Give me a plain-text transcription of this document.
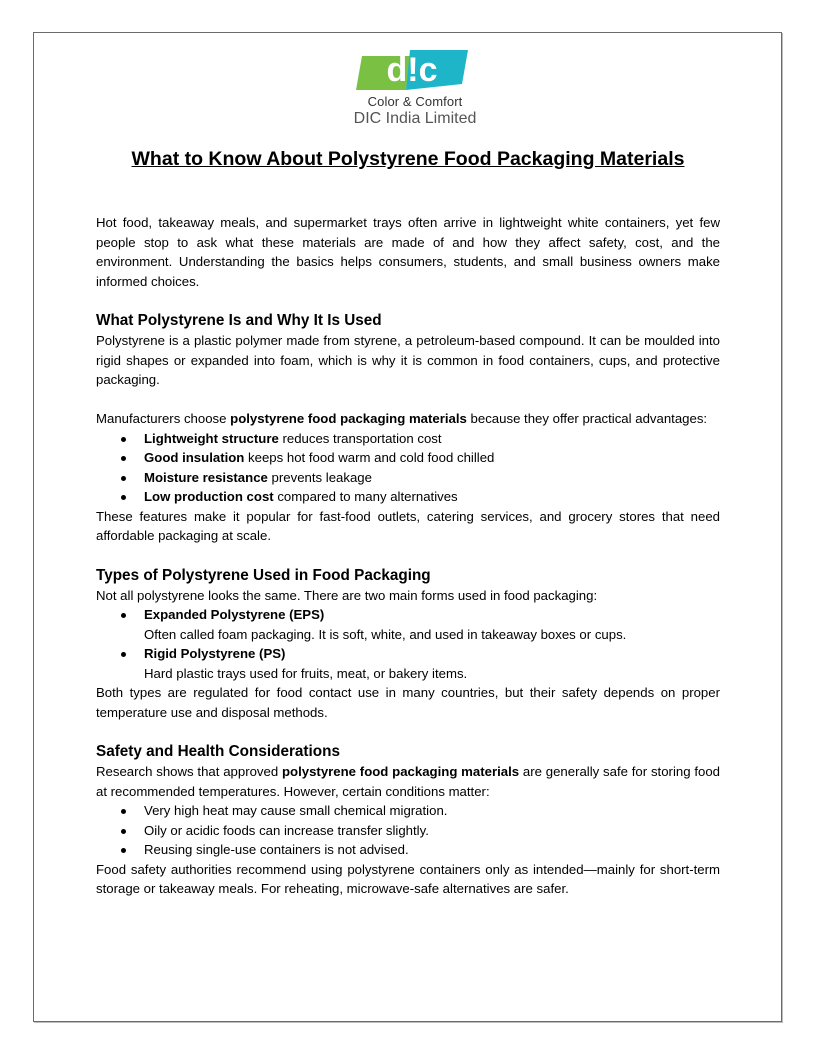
d!c
Color & Comfort
DIC India Limited
What to Know About Polystyrene Food Packaging Materials

Hot food, takeaway meals, and supermarket trays often arrive in lightweight white containers, yet few people stop to ask what these materials are made of and how they affect safety, cost, and the environment. Understanding the basics helps consumers, students, and small business owners make informed choices.

What Polystyrene Is and Why It Is Used

Polystyrene is a plastic polymer made from styrene, a petroleum-based compound. It can be moulded into rigid shapes or expanded into foam, which is why it is common in food containers, cups, and protective packaging.

Manufacturers choose polystyrene food packaging materials because they offer practical advantages:

Lightweight structure reduces transportation cost
Good insulation keeps hot food warm and cold food chilled
Moisture resistance prevents leakage
Low production cost compared to many alternatives

These features make it popular for fast-food outlets, catering services, and grocery stores that need affordable packaging at scale.

Types of Polystyrene Used in Food Packaging

Not all polystyrene looks the same. There are two main forms used in food packaging:

Expanded Polystyrene (EPS)
Often called foam packaging. It is soft, white, and used in takeaway boxes or cups.
Rigid Polystyrene (PS)
Hard plastic trays used for fruits, meat, or bakery items.

Both types are regulated for food contact use in many countries, but their safety depends on proper temperature use and disposal methods.

Safety and Health Considerations

Research shows that approved polystyrene food packaging materials are generally safe for storing food at recommended temperatures. However, certain conditions matter:

Very high heat may cause small chemical migration.
Oily or acidic foods can increase transfer slightly.
Reusing single-use containers is not advised.

Food safety authorities recommend using polystyrene containers only as intended—mainly for short-term storage or takeaway meals. For reheating, microwave-safe alternatives are safer.
